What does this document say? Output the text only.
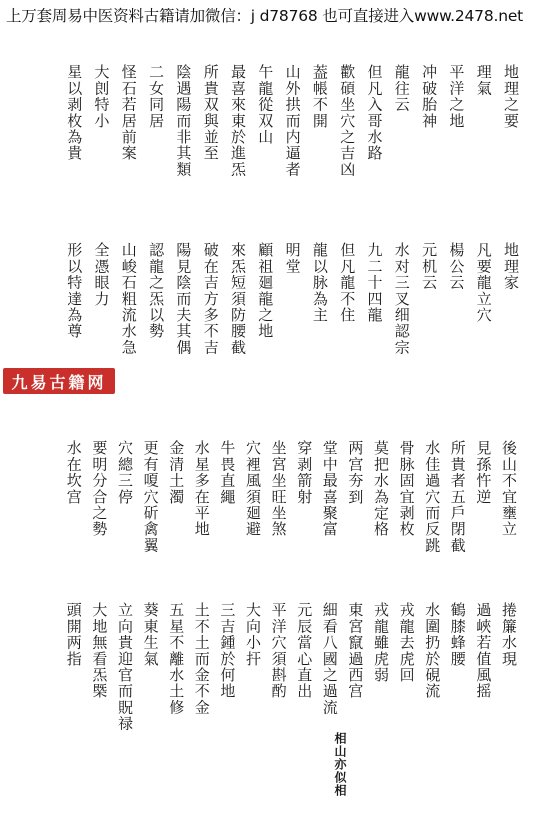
上万套周易中医资料古籍请加微信：j d78768 也可直接进入www.2478.net
地理之要
理氣
平洋之地
冲破胎神
龍往云
但凡入哥水路
歡碩坐穴之吉凶
葢帳不開
山外拱而内逼者
午龍從双山
最喜來東於進炁
所貴双與並至
陰遇陽而非其類
二女同居
怪石若居前案
大剆特小
星以剥枚為貴
地理家
凡要龍立穴
楊公云
元机云
水对三叉细認宗
九二十四龍
但凡龍不住
龍以脉為主
明堂
顧祖廻龍之地
來炁短須防腰截
破在吉方多不吉
陽見陰而夫其偶
認龍之炁以勢
山峻石粗流水急
全憑眼力
形以特達為尊
後山不宜壅立
見孫忤逆
所貴者五戶閉截
水佳過穴而反跳
骨脉固宜剥枚
莫把水為定格
两宫夯到
堂中最喜聚富
穿剥箭射
坐宮坐旺坐煞
穴裡風須廻避
牛畏直繩
水星多在平地
金清土濁
更有嗄穴斫禽翼
穴總三停
要明分合之勢
水在坎宫
捲簾水現
過峽若值風摇
鶴膝蜂腰
水圍扔於硯流
戎龍去虎回
戎龍雖虎弱
東宮竄過西宫
細看八國之過流
元辰當心直出
平洋穴須斟酌
大向小扞
三吉鍾於何地
土不土而金不金
五星不離水土修
葵東生氣
立向貴迎官而貺禄
大地無看炁槩
頭開两指
相山亦似相
九易古籍网
